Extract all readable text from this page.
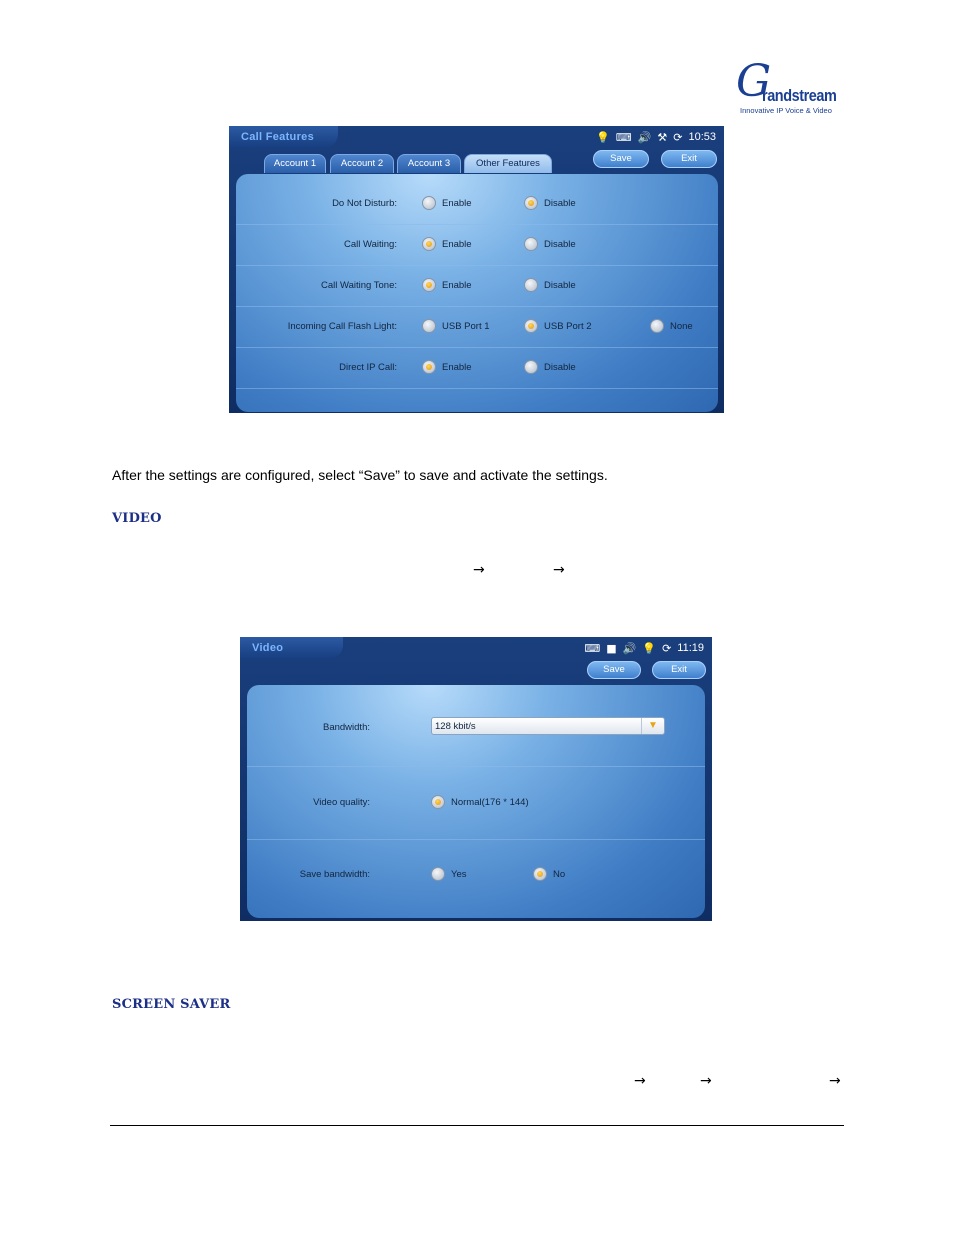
G
randstream
Innovative IP Voice & Video
Call Features	💡 ⌨ 🔊 ⚒ ⟳ 10:53
Save	Exit
Account 1	Account 2	Account 3	Other Features
Do Not Disturb:	Enable	Disable
Call Waiting:	Enable	Disable
Call Waiting Tone:	Enable	Disable
Incoming Call Flash Light:	USB Port 1	USB Port 2	None
Direct IP Call:	Enable	Disable
After the settings are configured, select “Save” to save and activate the settings.
VIDEO
→	→
Video	⌨ ■ 🔊 💡 ⟳ 11:19
Save	Exit
Bandwidth:	128 kbit/s	▼
Video quality:	Normal(176 * 144)
Save bandwidth:	Yes	No
SCREEN SAVER
→	→	→
